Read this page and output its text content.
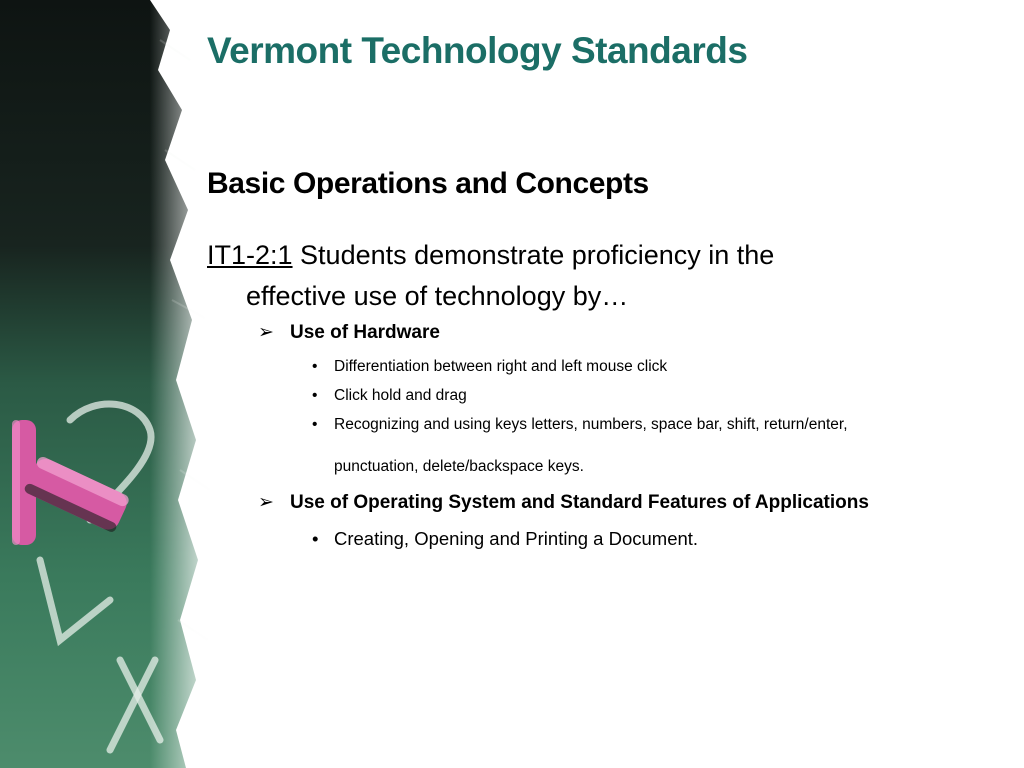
Vermont Technology Standards
Basic Operations and Concepts
IT1-2:1 Students demonstrate proficiency in the
effective use of technology by…
➢ Use of Hardware
• Differentiation between right and left mouse click
• Click hold and drag
• Recognizing and using keys letters, numbers, space bar, shift, return/enter,
punctuation, delete/backspace keys.
➢ Use of Operating System and Standard Features of Applications
• Creating, Opening and Printing a Document.
